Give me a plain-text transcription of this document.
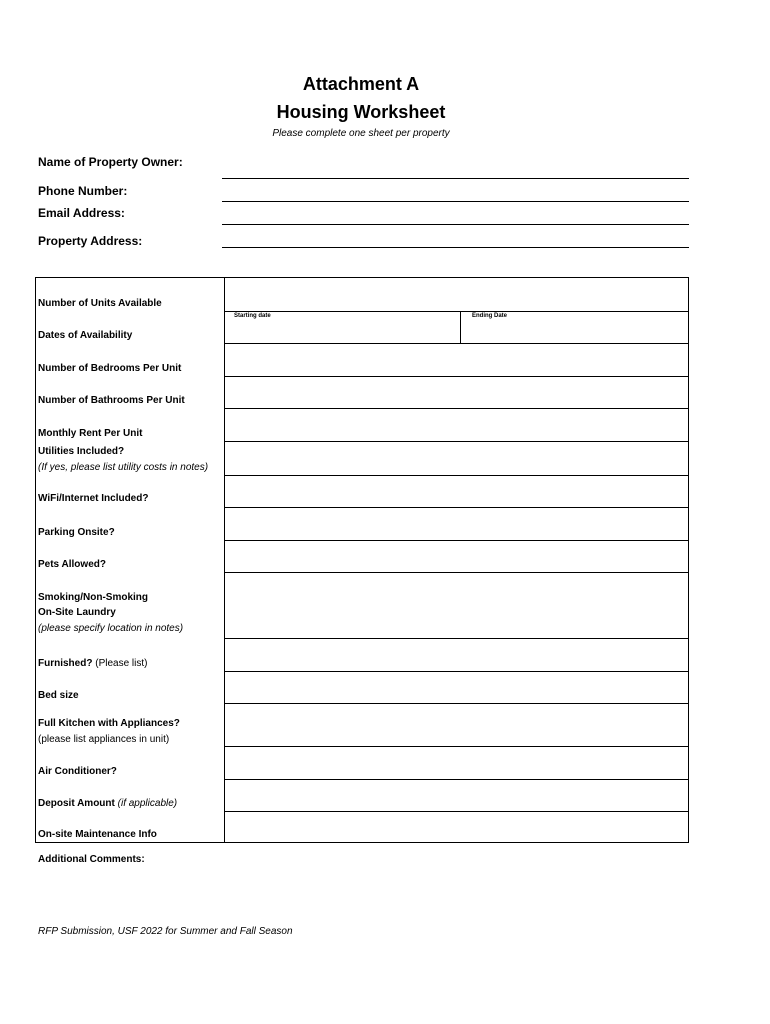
Attachment A
Housing Worksheet
Please complete one sheet per property
Name of Property Owner:
Phone Number:
Email Address:
Property Address:
Starting date	Ending Date
Number of Units Available
Dates of Availability
Number of Bedrooms Per Unit
Number of Bathrooms Per Unit
Monthly Rent Per Unit
Utilities Included?
(If yes, please list utility costs in notes)
WiFi/Internet Included?
Parking Onsite?
Pets Allowed?
Smoking/Non-Smoking
On-Site Laundry
(please specify location in notes)
Furnished? (Please list)
Bed size
Full Kitchen with Appliances?
(please list appliances in unit)
Air Conditioner?
Deposit Amount (if applicable)
On-site Maintenance Info
Additional Comments:
RFP Submission, USF 2022 for Summer and Fall Season
